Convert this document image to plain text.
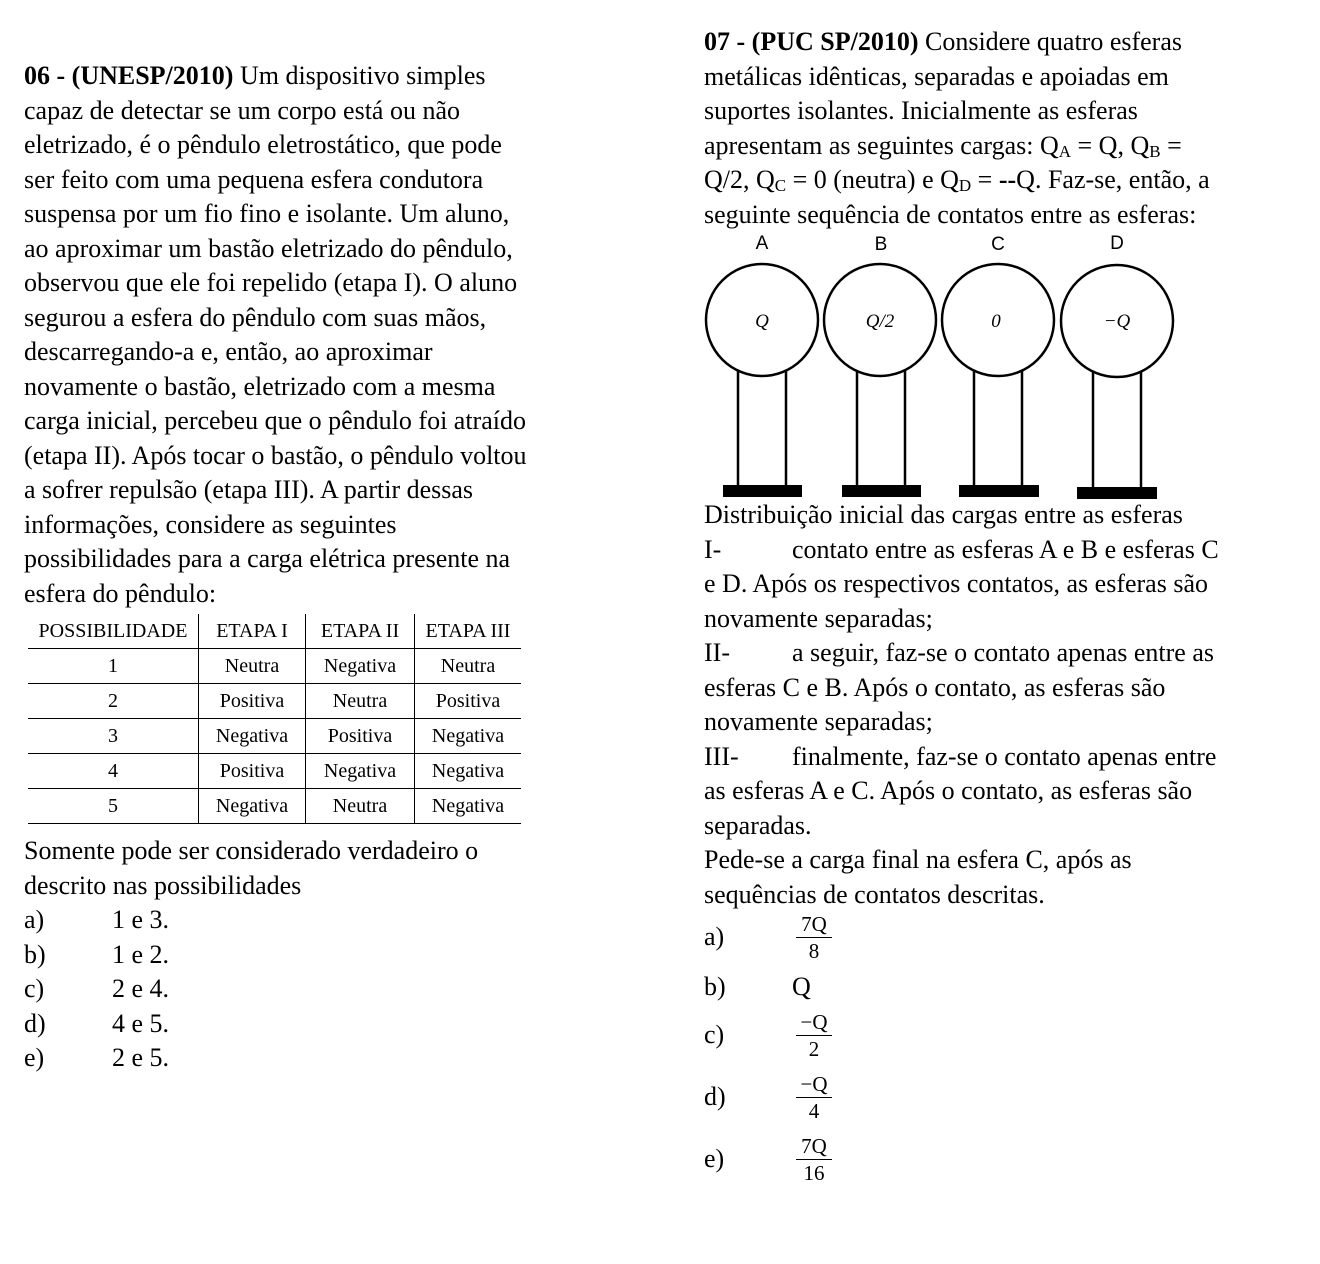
06 - (UNESP/2010) Um dispositivo simples
capaz de detectar se um corpo está ou não
eletrizado, é o pêndulo eletrostático, que pode
ser feito com uma pequena esfera condutora
suspensa por um fio fino e isolante. Um aluno,
ao aproximar um bastão eletrizado do pêndulo,
observou que ele foi repelido (etapa I). O aluno
segurou a esfera do pêndulo com suas mãos,
descarregando-a e, então, ao aproximar
novamente o bastão, eletrizado com a mesma
carga inicial, percebeu que o pêndulo foi atraído
(etapa II). Após tocar o bastão, o pêndulo voltou
a sofrer repulsão (etapa III). A partir dessas
informações, considere as seguintes
possibilidades para a carga elétrica presente na
esfera do pêndulo:
POSSIBILIDADE	ETAPA I	ETAPA II	ETAPA III
1	Neutra	Negativa	Neutra
2	Positiva	Neutra	Positiva
3	Negativa	Positiva	Negativa
4	Positiva	Negativa	Negativa
5	Negativa	Neutra	Negativa
Somente pode ser considerado verdadeiro o
descrito nas possibilidades
a)	1 e 3.
b)	1 e 2.
c)	2 e 4.
d)	4 e 5.
e)	2 e 5.
07 - (PUC SP/2010) Considere quatro esferas
metálicas idênticas, separadas e apoiadas em
suportes isolantes. Inicialmente as esferas
apresentam as seguintes cargas: $Q_A = Q$, $Q_B$ =
Q/2, $Q_C = 0$ (neutra) e $Q_D = --Q$. Faz-se, então, a
seguinte sequência de contatos entre as esferas:
A	B	C	D
Q	Q/2	0	−Q
Distribuição inicial das cargas entre as esferas
I-	contato entre as esferas A e B e esferas C
e D. Após os respectivos contatos, as esferas são
novamente separadas;
II- a seguir, faz-se o contato apenas entre as
esferas C e B. Após o contato, as esferas são
novamente separadas;
III- finalmente, faz-se o contato apenas entre
as esferas A e C. Após o contato, as esferas são
separadas.
Pede-se a carga final na esfera C, após as
sequências de contatos descritas.
a)	$\frac{7Q}{8}$
b)	Q
c)	$\frac{-Q}{2}$
d)	$\frac{-Q}{4}$
e)	$\frac{7Q}{16}$
